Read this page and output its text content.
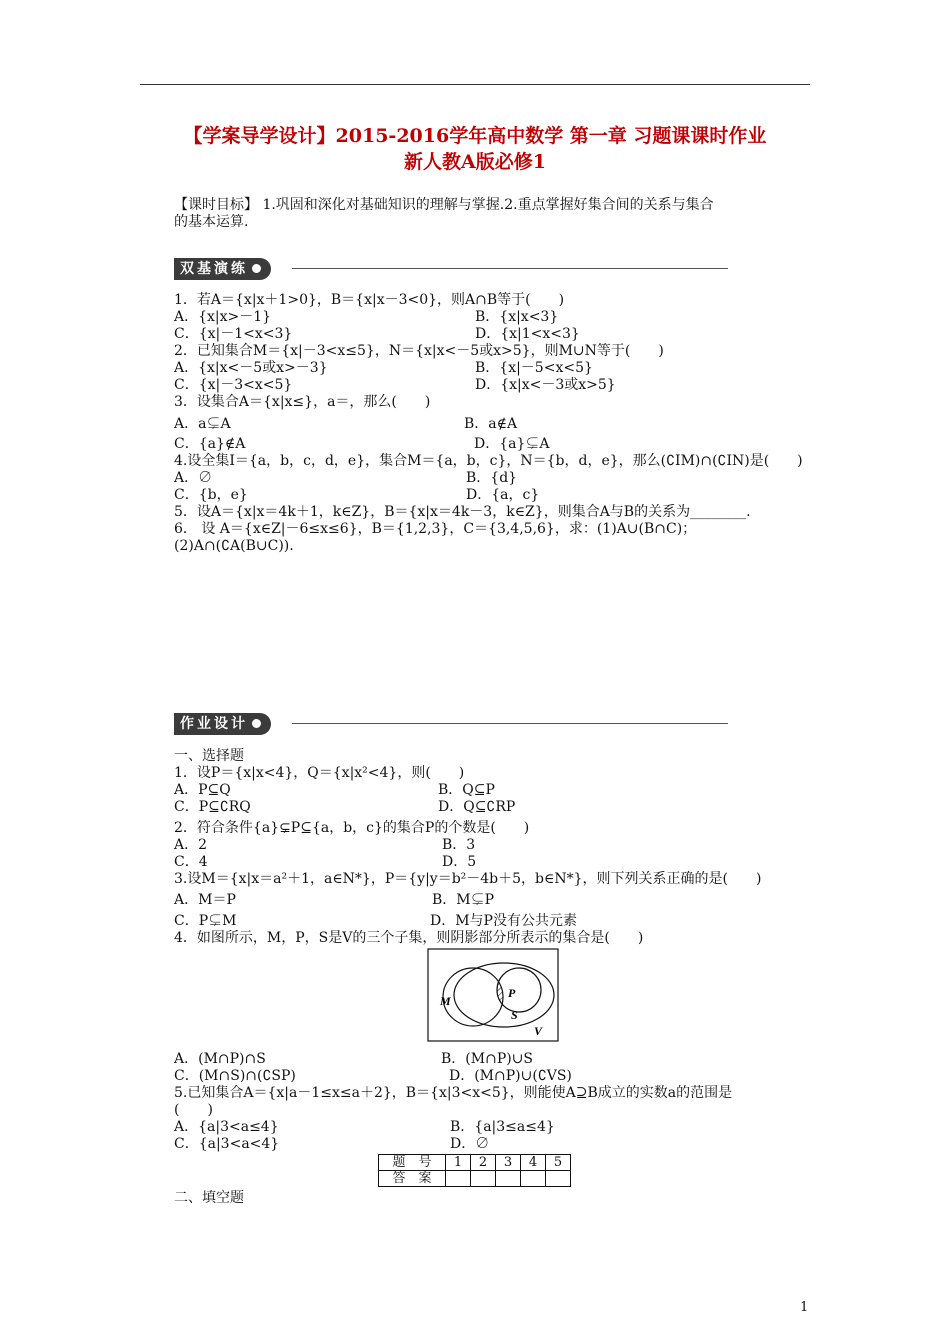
【学案导学设计】2015-2016学年高中数学 第一章 习题课课时作业
新人教A版必修1
【课时目标】 1.巩固和深化对基础知识的理解与掌握.2.重点掌握好集合间的关系与集合
的基本运算.
双基演练
1．若A＝{x|x＋1>0}，B＝{x|x－3<0}，则A∩B等于(　　)
A．{x|x>－1}	B．{x|x<3}
C．{x|－1<x<3}	D．{x|1<x<3}
2．已知集合M＝{x|－3<x≤5}，N＝{x|x<－5或x>5}，则M∪N等于(　　)
A．{x|x<－5或x>－3}	B．{x|－5<x<5}
C．{x|－3<x<5}	D．{x|x<－3或x>5}
3．设集合A＝{x|x≤}，a＝，那么(　　)
A．a⊊A	B．a∉A
C．{a}∉A	D．{a}⊊A
4.设全集I＝{a，b，c，d，e}，集合M＝{a，b，c}，N＝{b，d，e}，那么(∁IM)∩(∁IN)是(　　)
A．∅	B．{d}
C．{b，e}	D．{a，c}
5．设A＝{x|x＝4k＋1，k∈Z}，B＝{x|x＝4k－3，k∈Z}，则集合A与B的关系为________.
6． 设 A＝{x∈Z|－6≤x≤6}，B＝{1,2,3}，C＝{3,4,5,6}，求：(1)A∪(B∩C)；
(2)A∩(∁A(B∪C)).
作业设计
一、选择题
1．设P＝{x|x<4}，Q＝{x|x²<4}，则(　　)
A．P⊆Q	B．Q⊆P
C．P⊆∁RQ	D．Q⊆∁RP
2．符合条件{a}⊊P⊆{a，b，c}的集合P的个数是(　　)
A．2	B．3
C．4	D．5
3.设M＝{x|x＝a²＋1，a∈N*}，P＝{y|y＝b²－4b＋5，b∈N*}，则下列关系正确的是(　　)
A．M＝P	B．M⊊P
C．P⊊M	D．M与P没有公共元素
4．如图所示，M，P，S是V的三个子集，则阴影部分所表示的集合是(　　)
M
P
S
V
A．(M∩P)∩S	B．(M∩P)∪S
C．(M∩S)∩(∁SP)	D．(M∩P)∪(∁VS)
5.已知集合A＝{x|a－1≤x≤a＋2}，B＝{x|3<x<5}，则能使A⊇B成立的实数a的范围是
(　　)
A．{a|3<a≤4}	B．{a|3≤a≤4}
C．{a|3<a<4}	D．∅
题　号	1	2	3	4	5
答　案					
二、填空题
1
